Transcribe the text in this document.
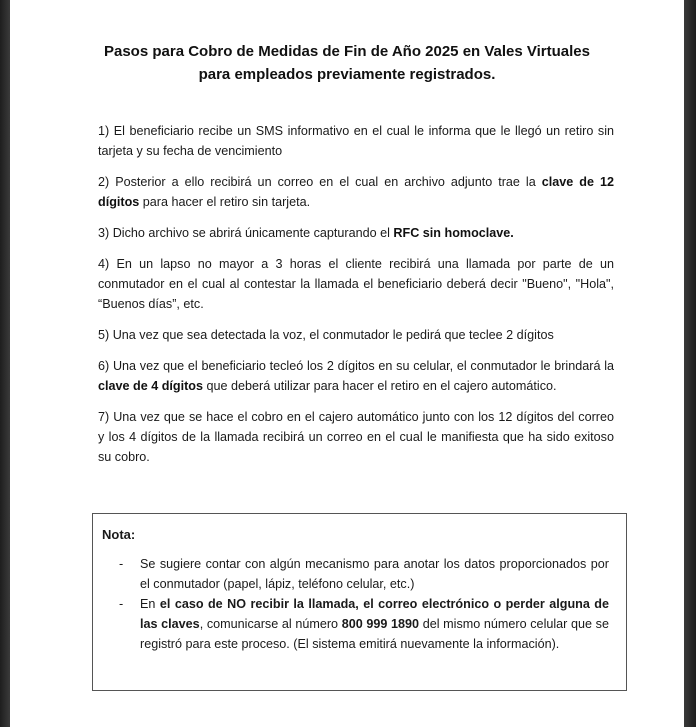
Pasos para Cobro de Medidas de Fin de Año 2025 en Vales Virtuales
para empleados previamente registrados.

1) El beneficiario recibe un SMS informativo en el cual le informa que le llegó un retiro sin tarjeta y su fecha de vencimiento

2) Posterior a ello recibirá un correo en el cual en archivo adjunto trae la clave de 12 dígitos para hacer el retiro sin tarjeta.

3) Dicho archivo se abrirá únicamente capturando el RFC sin homoclave.

4) En un lapso no mayor a 3 horas el cliente recibirá una llamada por parte de un conmutador en el cual al contestar la llamada el beneficiario deberá decir "Bueno", "Hola", “Buenos días”, etc.

5) Una vez que sea detectada la voz, el conmutador le pedirá que teclee 2 dígitos

6) Una vez que el beneficiario tecleó los 2 dígitos en su celular, el conmutador le brindará la clave de 4 dígitos que deberá utilizar para hacer el retiro en el cajero automático.

7) Una vez que se hace el cobro en el cajero automático junto con los 12 dígitos del correo y los 4 dígitos de la llamada recibirá un correo en el cual le manifiesta que ha sido exitoso su cobro.

Nota:
- Se sugiere contar con algún mecanismo para anotar los datos proporcionados por el conmutador (papel, lápiz, teléfono celular, etc.)
- En el caso de NO recibir la llamada, el correo electrónico o perder alguna de las claves, comunicarse al número 800 999 1890 del mismo número celular que se registró para este proceso. (El sistema emitirá nuevamente la información).
